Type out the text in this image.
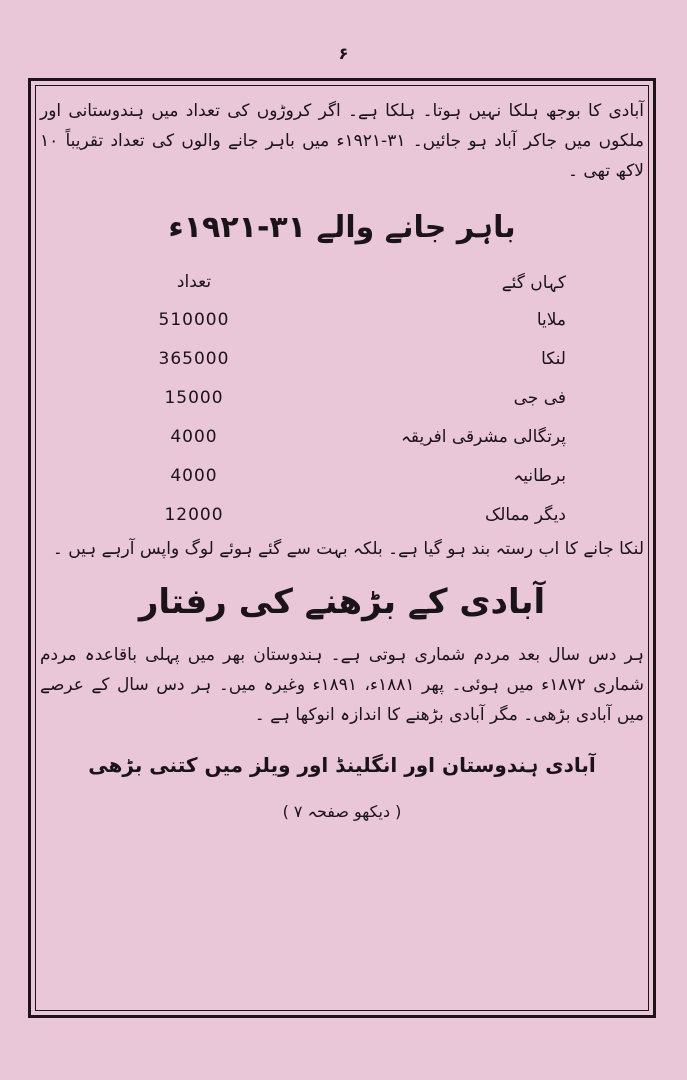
۶

آبادی کا بوجھ ہلکا نہیں ہوتا۔ ہلکا ہے۔ اگر کروڑوں کی تعداد میں ہندوستانی اور ملکوں میں جاکر آباد ہو جائیں۔ ۳۱-۱۹۲۱ء میں باہر جانے والوں کی تعداد تقریباً ۱۰ لاکھ تھی ۔

باہر جانے والے ۳۱-۱۹۲۱ء
کہاں گئے
تعداد
ملایا
510000
لنکا
365000
فی جی
15000
پرتگالی مشرقی افریقہ
4000
برطانیہ
4000
دیگر ممالک
12000

لنکا جانے کا اب رستہ بند ہو گیا ہے۔ بلکہ بہت سے گئے ہوئے لوگ واپس آرہے ہیں ۔

آبادی کے بڑھنے کی رفتار

ہر دس سال بعد مردم شماری ہوتی ہے۔ ہندوستان بھر میں پہلی باقاعدہ مردم شماری ۱۸۷۲ء میں ہوئی۔ پھر ۱۸۸۱ء، ۱۸۹۱ء وغیرہ میں۔ ہر دس سال کے عرصے میں آبادی بڑھی۔ مگر آبادی بڑھنے کا اندازہ انوکھا ہے ۔

آبادی ہندوستان اور انگلینڈ اور ویلز میں کتنی بڑھی
( دیکھو صفحہ ۷ )
